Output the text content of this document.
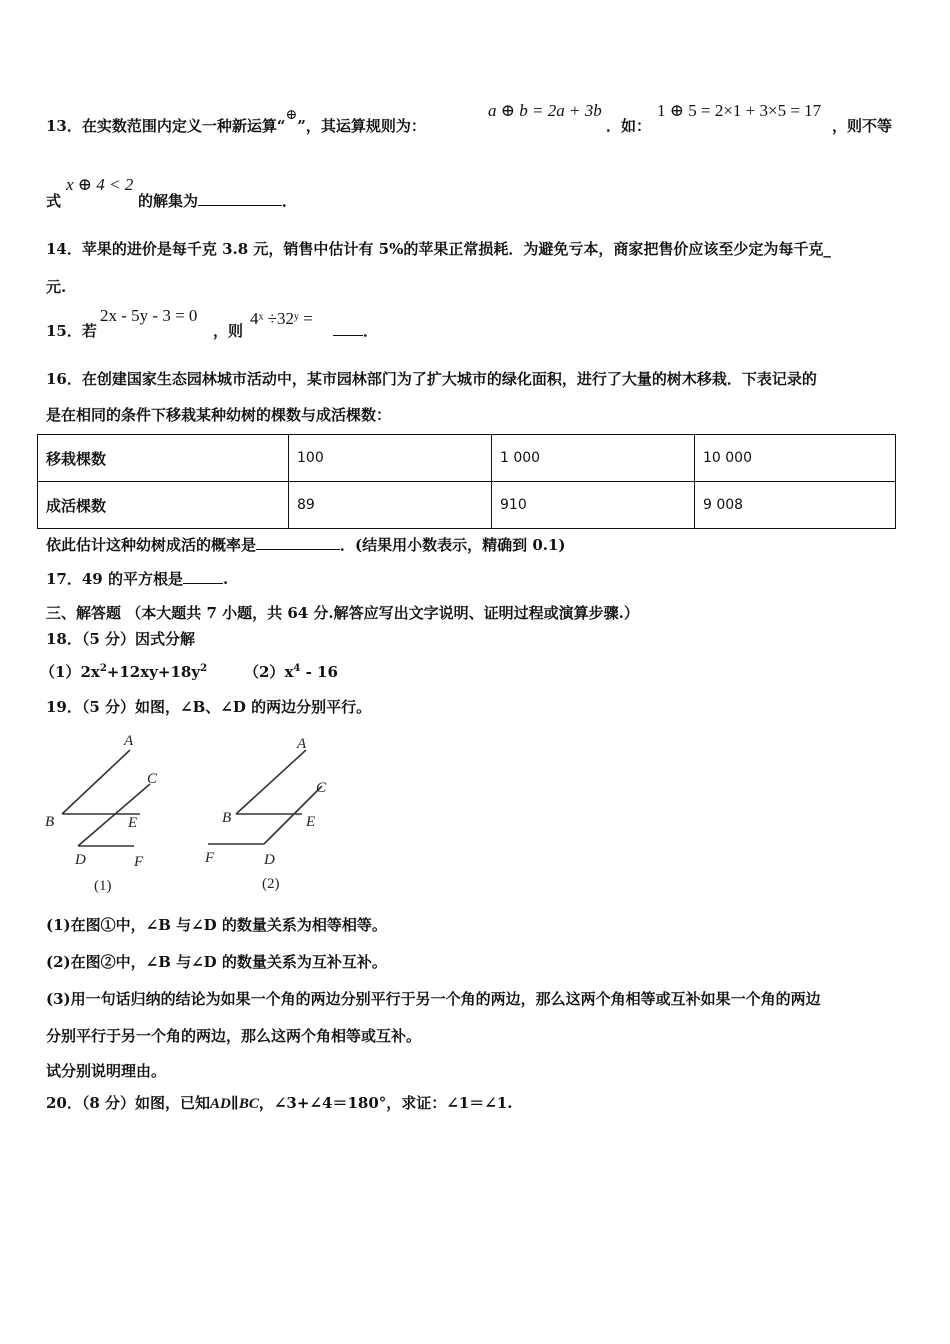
13．在实数范围内定义一种新运算“⊕”，其运算规则为：
a ⊕ b = 2a + 3b
．如：
1 ⊕ 5 = 2×1 + 3×5 = 17
，则不等
式
x ⊕ 4 < 2
的解集为	．
14．苹果的进价是每千克 3.8 元，销售中估计有 5%的苹果正常损耗．为避免亏本，商家把售价应该至少定为每千克_
元.
15．若
2x - 5y - 3 = 0
，则
4ˣ ÷32ʸ =
．
16．在创建国家生态园林城市活动中，某市园林部门为了扩大城市的绿化面积，进行了大量的树木移栽．下表记录的
是在相同的条件下移栽某种幼树的棵数与成活棵数：
移栽棵数	100	1 000	10 000
成活棵数	89	910	9 008
依此估计这种幼树成活的概率是	．(结果用小数表示，精确到 0.1)
17．49 的平方根是	.
三、解答题 （本大题共 7 小题，共 64 分.解答应写出文字说明、证明过程或演算步骤.）
18．（5 分）因式分解
$(1)2x^2+12xy+18y^2$ $(2)x^4 - 16$
19．（5 分）如图，∠B、∠D 的两边分别平行。
A
C
B	E
D	F
(1)
A
C
B	E
F	D
(2)
(1)在图①中，∠B 与∠D 的数量关系为相等相等。
(2)在图②中，∠B 与∠D 的数量关系为互补互补。
(3)用一句话归纳的结论为如果一个角的两边分别平行于另一个角的两边，那么这两个角相等或互补如果一个角的两边
分别平行于另一个角的两边，那么这两个角相等或互补。
试分别说明理由。
20．（8 分）如图，已知AD∥BC，∠3+∠4＝180°，求证：∠1＝∠1.
